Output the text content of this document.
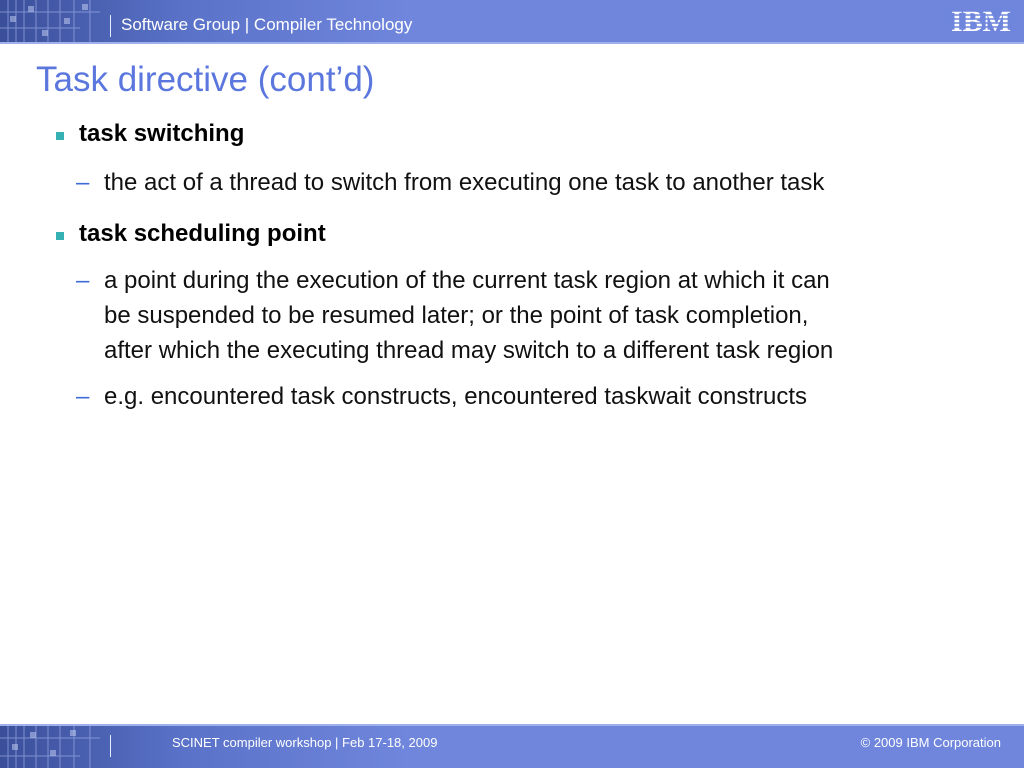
Software Group | Compiler Technology	IBM
Task directive (cont’d)
task switching
– the act of a thread to switch from executing one task to another task
task scheduling point
– a point during the execution of the current task region at which it can
be suspended to be resumed later; or the point of task completion,
after which the executing thread may switch to a different task region
– e.g. encountered task constructs, encountered taskwait constructs
SCINET compiler workshop | Feb 17-18, 2009	© 2009 IBM Corporation
